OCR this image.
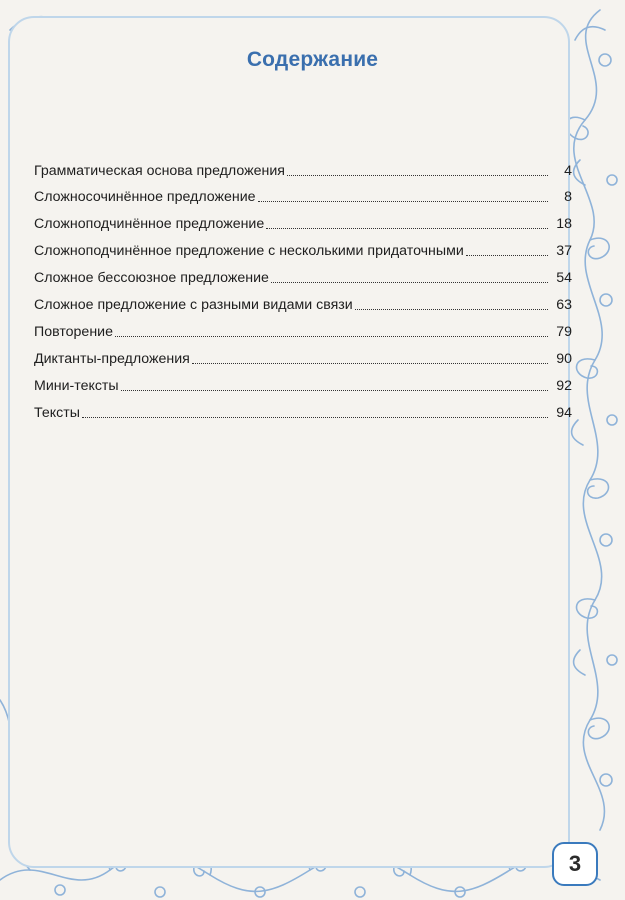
Содержание
Грамматическая основа предложения	4
Сложносочинённое предложение	8
Сложноподчинённое предложение	18
Сложноподчинённое предложение с несколькими придаточными	37
Сложное бессоюзное предложение	54
Сложное предложение с разными видами связи	63
Повторение	79
Диктанты-предложения	90
Мини-тексты	92
Тексты	94
3
